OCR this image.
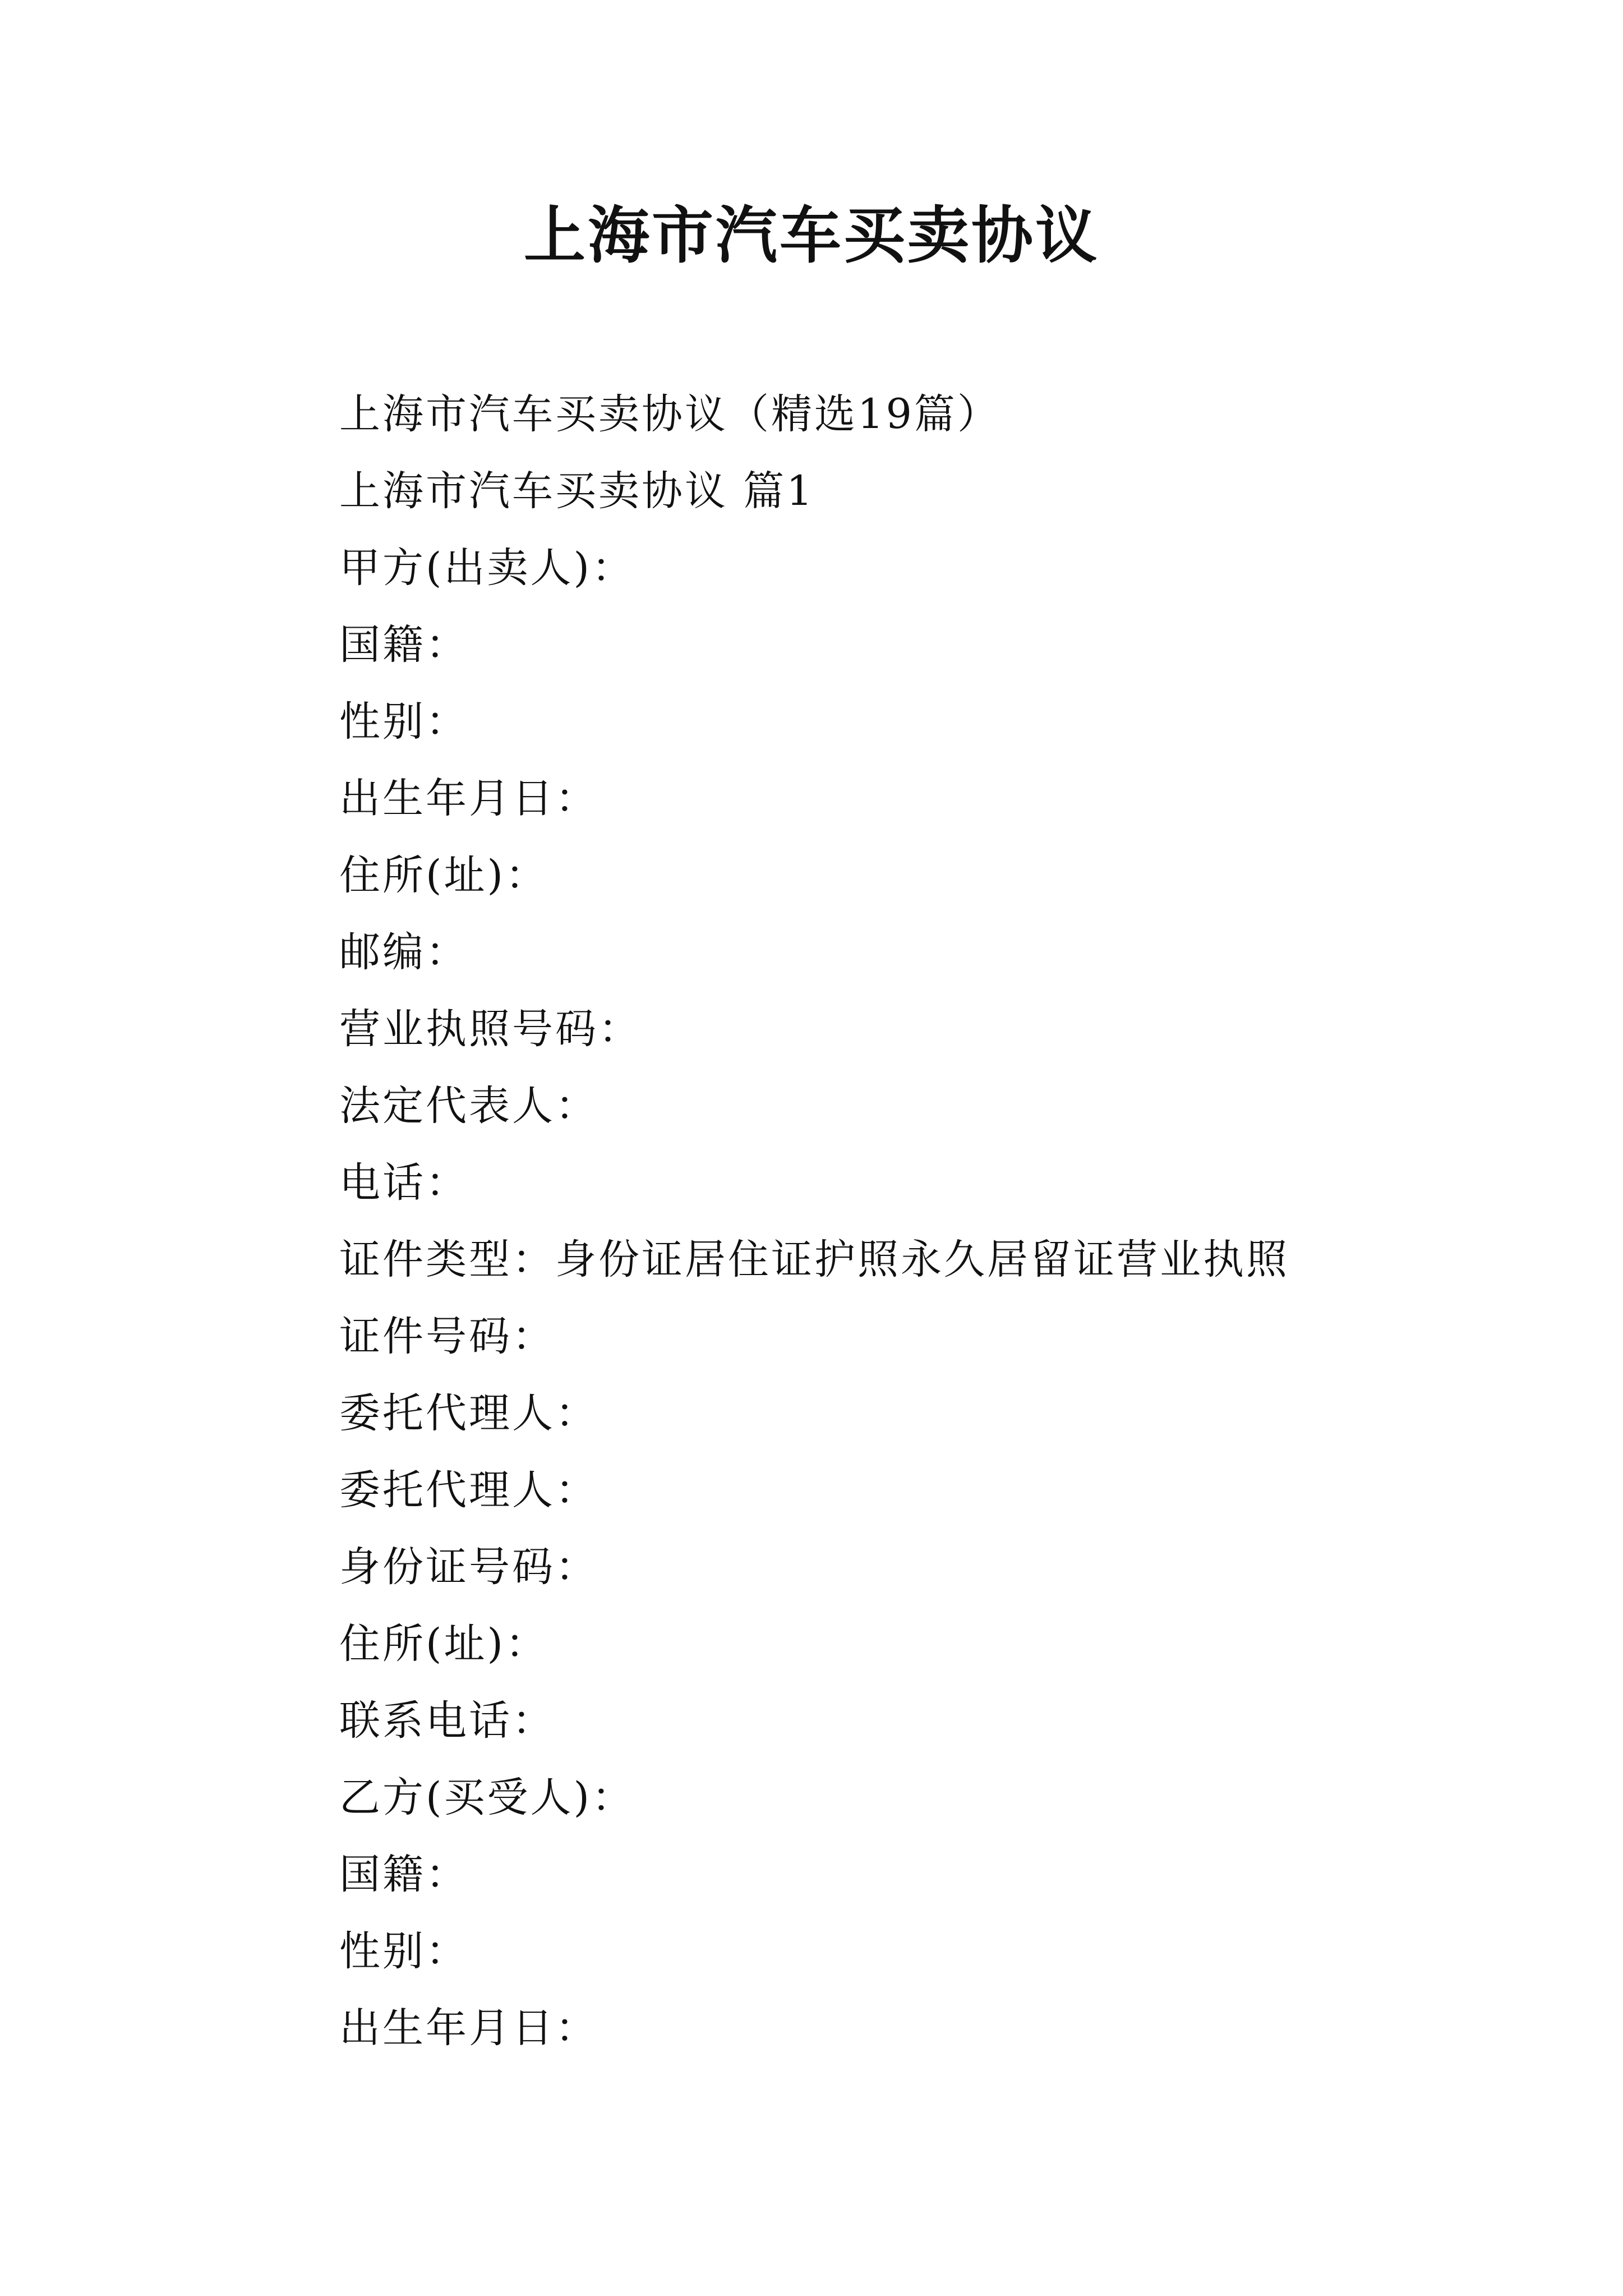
上海市汽车买卖协议
上海市汽车买卖协议（精选19篇）
上海市汽车买卖协议 篇1
甲方(出卖人)：
国籍：
性别：
出生年月日：
住所(址)：
邮编：
营业执照号码：
法定代表人：
电话：
证件类型：身份证居住证护照永久居留证营业执照
证件号码：
委托代理人：
委托代理人：
身份证号码：
住所(址)：
联系电话：
乙方(买受人)：
国籍：
性别：
出生年月日：
